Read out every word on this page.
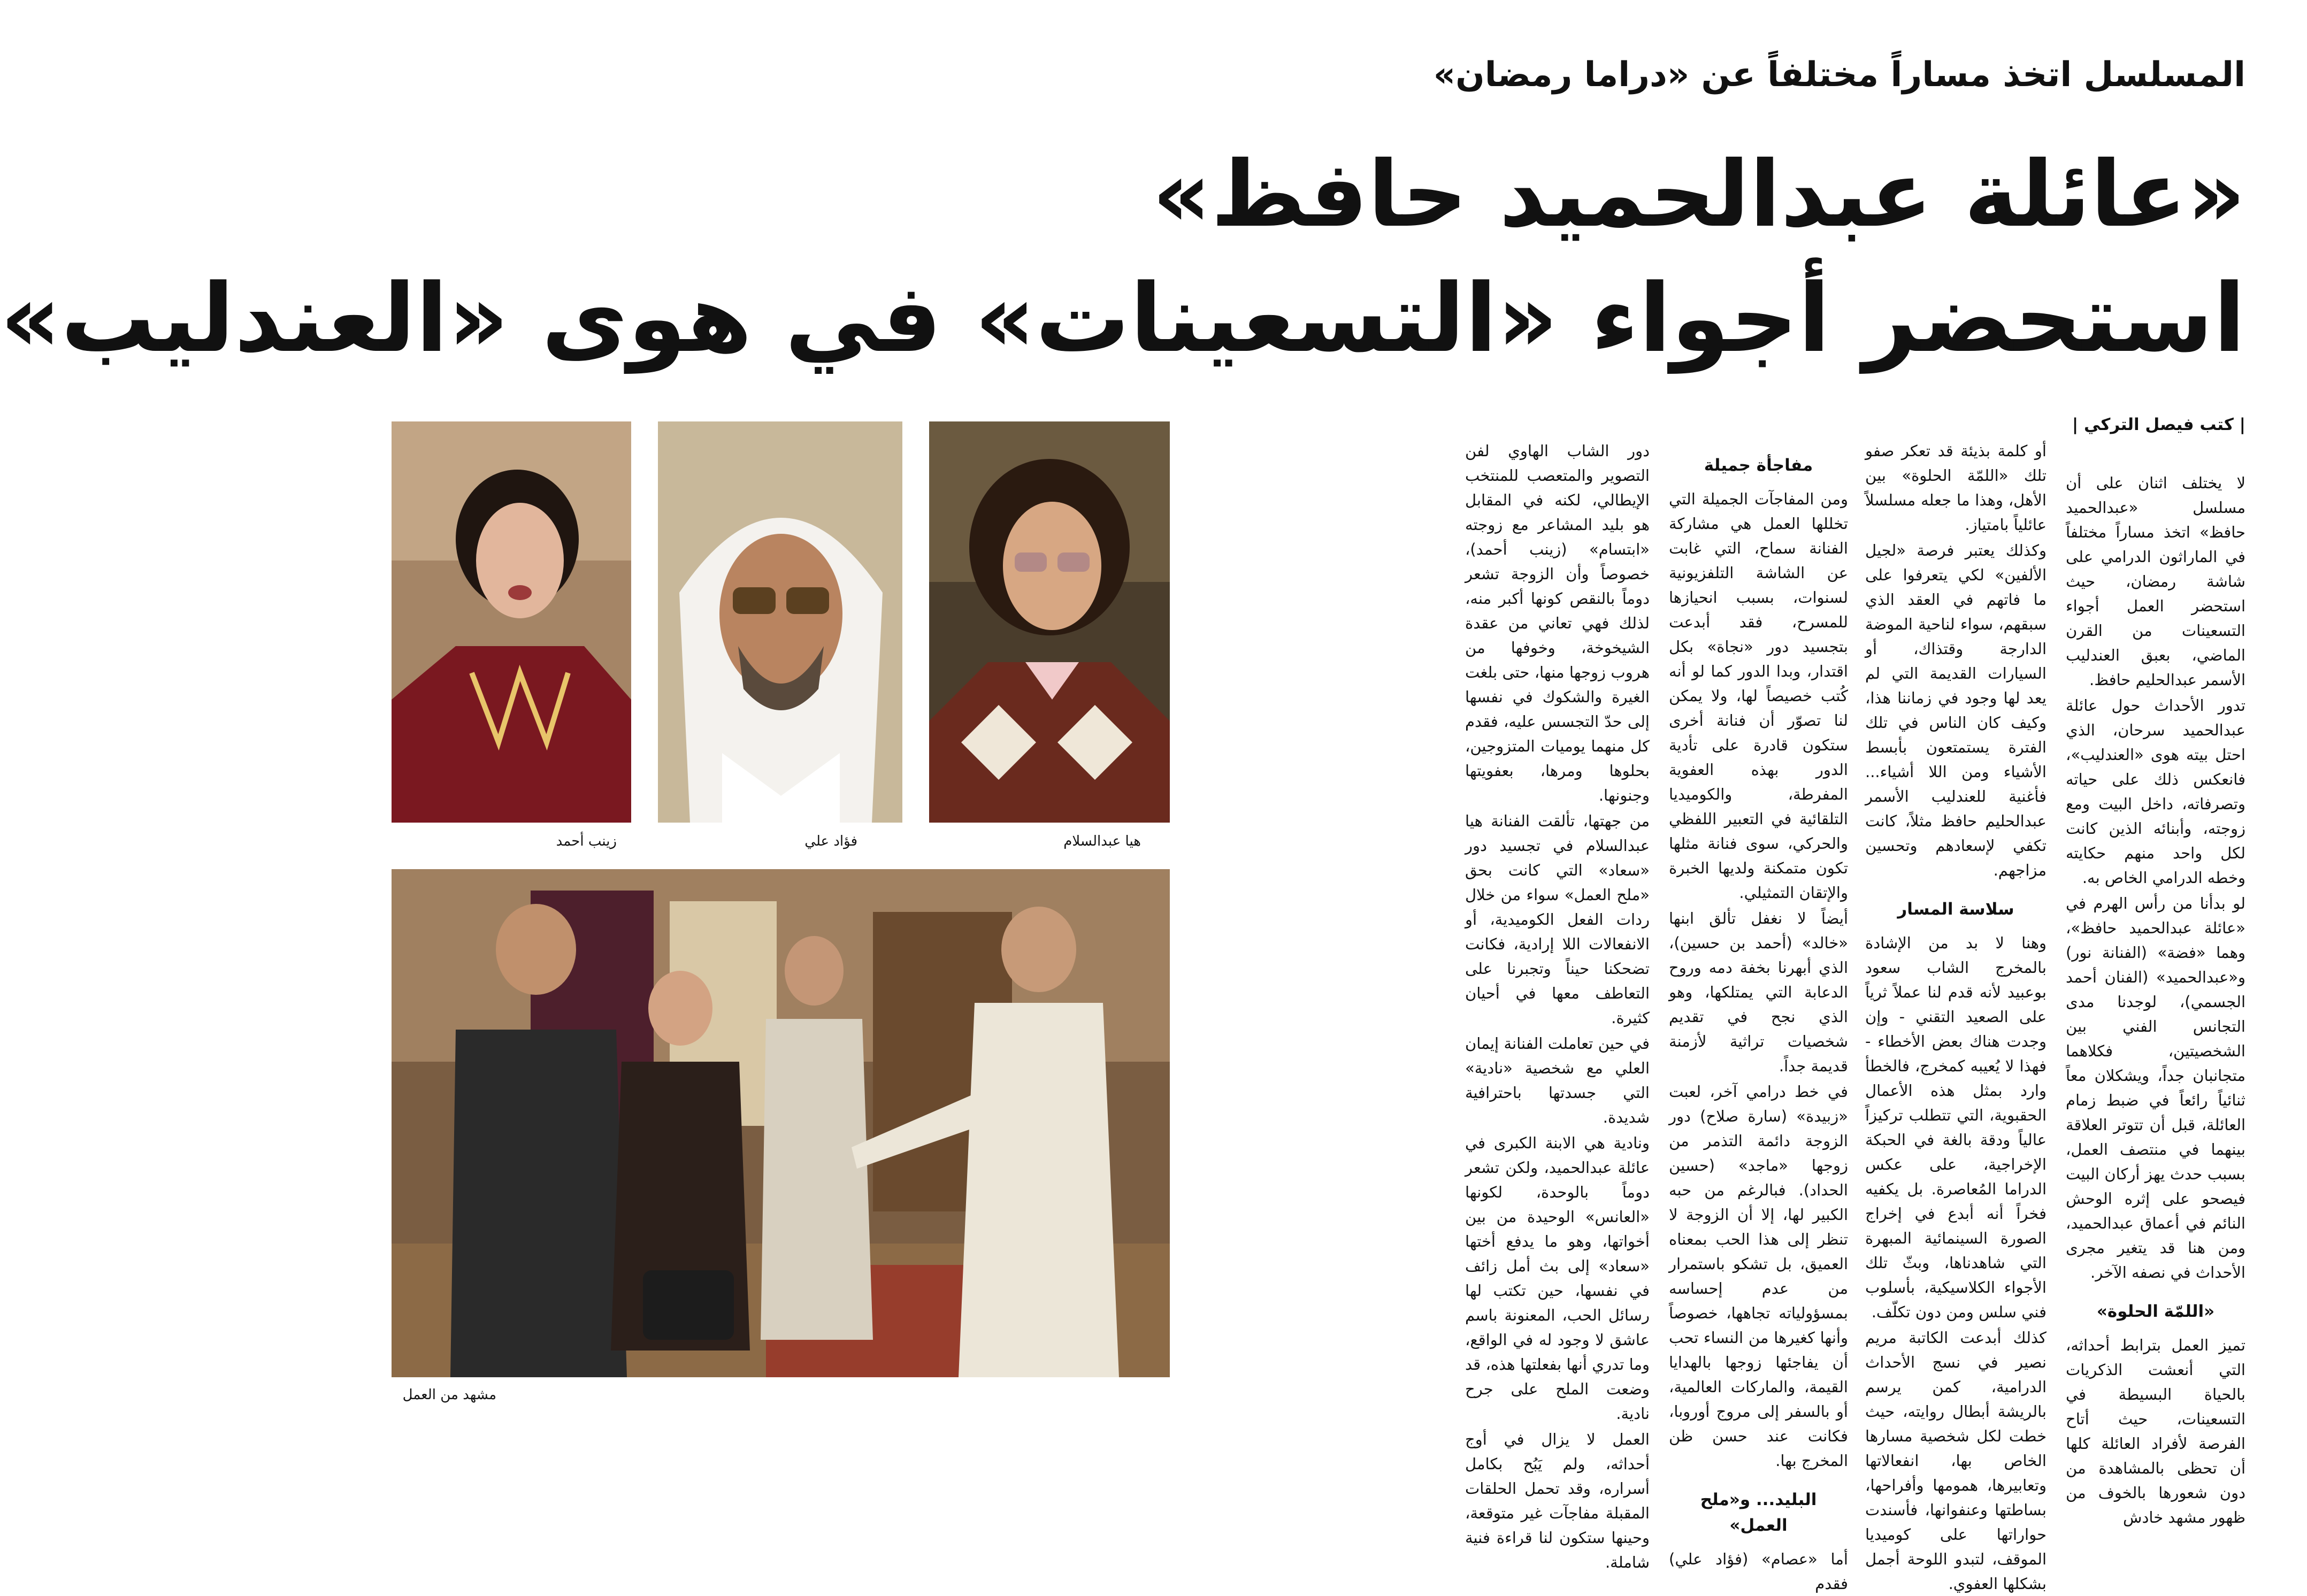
المسلسل اتخذ مساراً مختلفاً عن «دراما رمضان»
«عائلة عبدالحميد حافظ»
استحضر أجواء «التسعينات» في هوى «العندليب»
| كتب فيصل التركي |

لا يختلف اثنان على أن مسلسل «عبدالحميد حافظ» اتخذ مساراً مختلفاً في الماراثون الدرامي على شاشة رمضان، حيث استحضر العمل أجواء التسعينات من القرن الماضي، بعبق العندليب الأسمر عبدالحليم حافظ.

تدور الأحداث حول عائلة عبدالحميد سرحان، الذي احتل بيته هوى «العندليب»، فانعكس ذلك على حياته وتصرفاته، داخل البيت ومع زوجته، وأبنائه الذين كانت لكل واحد منهم حكايته وخطه الدرامي الخاص به.

لو بدأنا من رأس الهرم في «عائلة عبدالحميد حافظ»، وهما «فضة» (الفنانة نور) و«عبدالحميد» (الفنان أحمد الجسمي)، لوجدنا مدى التجانس الفني بين الشخصيتين، فكلاهما متجانبان جداً، ويشكلان معاً ثنائياً رائعاً في ضبط زمام العائلة، قبل أن تتوتر العلاقة بينهما في منتصف العمل، بسبب حدث يهز أركان البيت فيصحو على إثره الوحش النائم في أعماق عبدالحميد، ومن هنا قد يتغير مجرى الأحداث في نصفه الآخر.

«اللمّة الحلوة»

تميز العمل بترابط أحداثه، التي أنعشت الذكريات بالحياة البسيطة في التسعينات، حيث أتاح الفرصة لأفراد العائلة كلها أن تحظى بالمشاهدة من دون شعورها بالخوف من ظهور مشهد خادش

أو كلمة بذيئة قد تعكر صفو تلك «اللمّة الحلوة» بين الأهل، وهذا ما جعله مسلسلاً عائلياً بامتياز.

وكذلك يعتبر فرصة «لجيل الألفين» لكي يتعرفوا على ما فاتهم في العقد الذي سبقهم، سواء لناحية الموضة الدارجة وقتذاك، أو السيارات القديمة التي لم يعد لها وجود في زماننا هذا، وكيف كان الناس في تلك الفترة يستمتعون بأبسط الأشياء ومن اللا أشياء... فأغنية للعندليب الأسمر عبدالحليم حافظ مثلاً، كانت تكفي لإسعادهم وتحسين مزاجهم.

سلاسة المسار

وهنا لا بد من الإشادة بالمخرج الشاب سعود بوعبيد لأنه قدم لنا عملاً ثرياً على الصعيد التقني - وإن وجدت هناك بعض الأخطاء - فهذا لا يُعيبه كمخرج، فالخطأ وارد بمثل هذه الأعمال الحقبوية، التي تتطلب تركيزاً عالياً ودقة بالغة في الحبكة الإخراجية، على عكس الدراما المُعاصرة. بل يكفيه فخراً أنه أبدع في إخراج الصورة السينمائية المبهرة التي شاهدناها، وبثّ تلك الأجواء الكلاسيكية، بأسلوب فني سلس ومن دون تكلّف.

كذلك أبدعت الكاتبة مريم نصير في نسج الأحداث الدرامية، كمن يرسم بالريشة أبطال روايته، حيث خطت لكل شخصية مسارها الخاص بها، انفعالاتها وتعابيرها، همومها وأفراحها، بساطتها وعنفوانها، فأسندت حواراتها على كوميديا الموقف، لتبدو اللوحة أجمل بشكلها العفوي.

مفاجأة جميلة

ومن المفاجآت الجميلة التي تخللها العمل هي مشاركة الفنانة سماح، التي غابت عن الشاشة التلفزيونية لسنوات، بسبب انحيازها للمسرح، فقد أبدعت بتجسيد دور «نجاة» بكل اقتدار، وبدا الدور كما لو أنه كُتب خصيصاً لها، ولا يمكن لنا تصوّر أن فنانة أخرى ستكون قادرة على تأدية الدور بهذه العفوية المفرطة، والكوميديا التلقائية في التعبير اللفظي والحركي، سوى فنانة مثلها تكون متمكنة ولديها الخبرة والإتقان التمثيلي.

أيضاً لا نغفل تألق ابنها «خالد» (أحمد بن حسين)، الذي أبهرنا بخفة دمه وروح الدعابة التي يمتلكها، وهو الذي نجح في تقديم شخصيات تراثية لأزمنة قديمة جداً.

في خط درامي آخر، لعبت «زبيدة» (سارة صلاح) دور الزوجة دائمة التذمر من زوجها «ماجد» (حسين الحداد). فبالرغم من حبه الكبير لها، إلا أن الزوجة لا تنظر إلى هذا الحب بمعناه العميق، بل تشكو باستمرار من عدم إحساسه بمسؤولياته تجاهها، خصوصاً وأنها كغيرها من النساء تحب أن يفاجئها زوجها بالهدايا القيمة، والماركات العالمية، أو بالسفر إلى مروج أوروبا، فكانت عند حسن ظن المخرج بها.

البليد... و«ملح العمل»

أما «عصام» (فؤاد علي) فقدم

دور الشاب الهاوي لفن التصوير والمتعصب للمنتخب الإيطالي، لكنه في المقابل هو بليد المشاعر مع زوجته «ابتسام» (زينب أحمد)، خصوصاً وأن الزوجة تشعر دوماً بالنقص كونها أكبر منه، لذلك فهي تعاني من عقدة الشيخوخة، وخوفها من هروب زوجها منها، حتى بلغت الغيرة والشكوك في نفسها إلى حدّ التجسس عليه، فقدم كل منهما يوميات المتزوجين، بحلوها ومرها، بعفويتها وجنونها.

من جهتها، تألقت الفنانة هيا عبدالسلام في تجسيد دور «سعاد» التي كانت بحق «ملح العمل» سواء من خلال ردات الفعل الكوميدية، أو الانفعالات اللا إرادية، فكانت تضحكنا حيناً وتجبرنا على التعاطف معها في أحيان كثيرة.

في حين تعاملت الفنانة إيمان العلي مع شخصية «نادية» التي جسدتها باحترافية شديدة.

ونادية هي الابنة الكبرى في عائلة عبدالحميد، ولكن تشعر دوماً بالوحدة، لكونها «العانس» الوحيدة من بين أخواتها، وهو ما يدفع أختها «سعاد» إلى بث أمل زائف في نفسها، حين تكتب لها رسائل الحب، المعنونة باسم عاشق لا وجود له في الواقع، وما تدري أنها بفعلتها هذه، قد وضعت الملح على جرح نادية.

العمل لا يزال في أوج أحداثه، ولم يَبُح بكامل أسراره، وقد تحمل الحلقات المقبلة مفاجآت غير متوقعة، وحينها ستكون لنا قراءة فنية شاملة.

هيا عبدالسلام
فؤاد علي
زينب أحمد
مشهد من العمل
